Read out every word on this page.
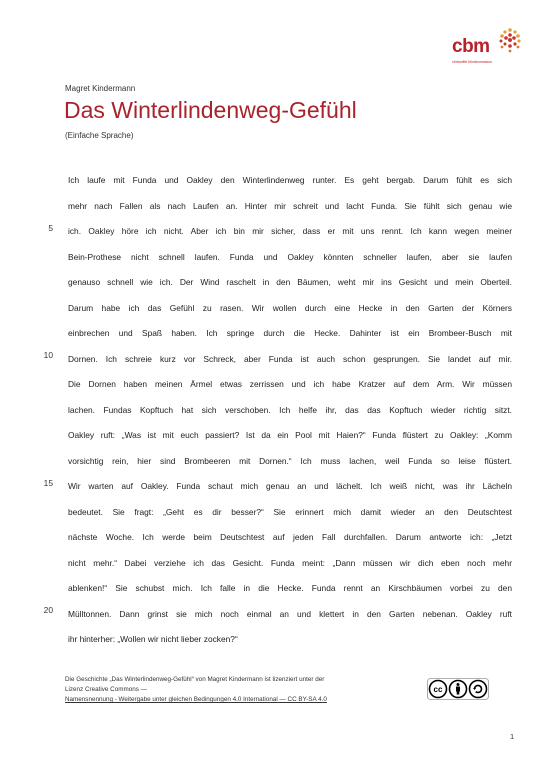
cbm
christoffel blindenmission
Magret Kindermann
Das Winterlindenweg-Gefühl
(Einfache Sprache)
Ich laufe mit Funda und Oakley den Winterlindenweg runter. Es geht bergab. Darum fühlt es sich
mehr nach Fallen als nach Laufen an. Hinter mir schreit und lacht Funda. Sie fühlt sich genau wie
ich. Oakley höre ich nicht. Aber ich bin mir sicher, dass er mit uns rennt. Ich kann wegen meiner
Bein-Prothese nicht schnell laufen. Funda und Oakley könnten schneller laufen, aber sie laufen
genauso schnell wie ich. Der Wind raschelt in den Bäumen, weht mir ins Gesicht und mein Oberteil.
Darum habe ich das Gefühl zu rasen. Wir wollen durch eine Hecke in den Garten der Körners
einbrechen und Spaß haben. Ich springe durch die Hecke. Dahinter ist ein Brombeer-Busch mit
Dornen. Ich schreie kurz vor Schreck, aber Funda ist auch schon gesprungen. Sie landet auf mir.
Die Dornen haben meinen Ärmel etwas zerrissen und ich habe Kratzer auf dem Arm. Wir müssen
lachen. Fundas Kopftuch hat sich verschoben. Ich helfe ihr, das das Kopftuch wieder richtig sitzt.
Oakley ruft: „Was ist mit euch passiert? Ist da ein Pool mit Haien?“ Funda flüstert zu Oakley: „Komm
vorsichtig rein, hier sind Brombeeren mit Dornen.“ Ich muss lachen, weil Funda so leise flüstert.
Wir warten auf Oakley. Funda schaut mich genau an und lächelt. Ich weiß nicht, was ihr Lächeln
bedeutet. Sie fragt: „Geht es dir besser?“ Sie erinnert mich damit wieder an den Deutschtest
nächste Woche. Ich werde beim Deutschtest auf jeden Fall durchfallen. Darum antworte ich: „Jetzt
nicht mehr.“ Dabei verziehe ich das Gesicht. Funda meint: „Dann müssen wir dich eben noch mehr
ablenken!“ Sie schubst mich. Ich falle in die Hecke. Funda rennt an Kirschbäumen vorbei zu den
Mülltonnen. Dann grinst sie mich noch einmal an und klettert in den Garten nebenan. Oakley ruft
ihr hinterher: „Wollen wir nicht lieber zocken?“
5
10
15
20
Die Geschichte „Das Winterlindenweg-Gefühl“ von Magret Kindermann ist lizenziert unter der
Lizenz Creative Commons —
Namensnennung - Weitergabe unter gleichen Bedingungen 4.0 International — CC BY-SA 4.0
cc
1
